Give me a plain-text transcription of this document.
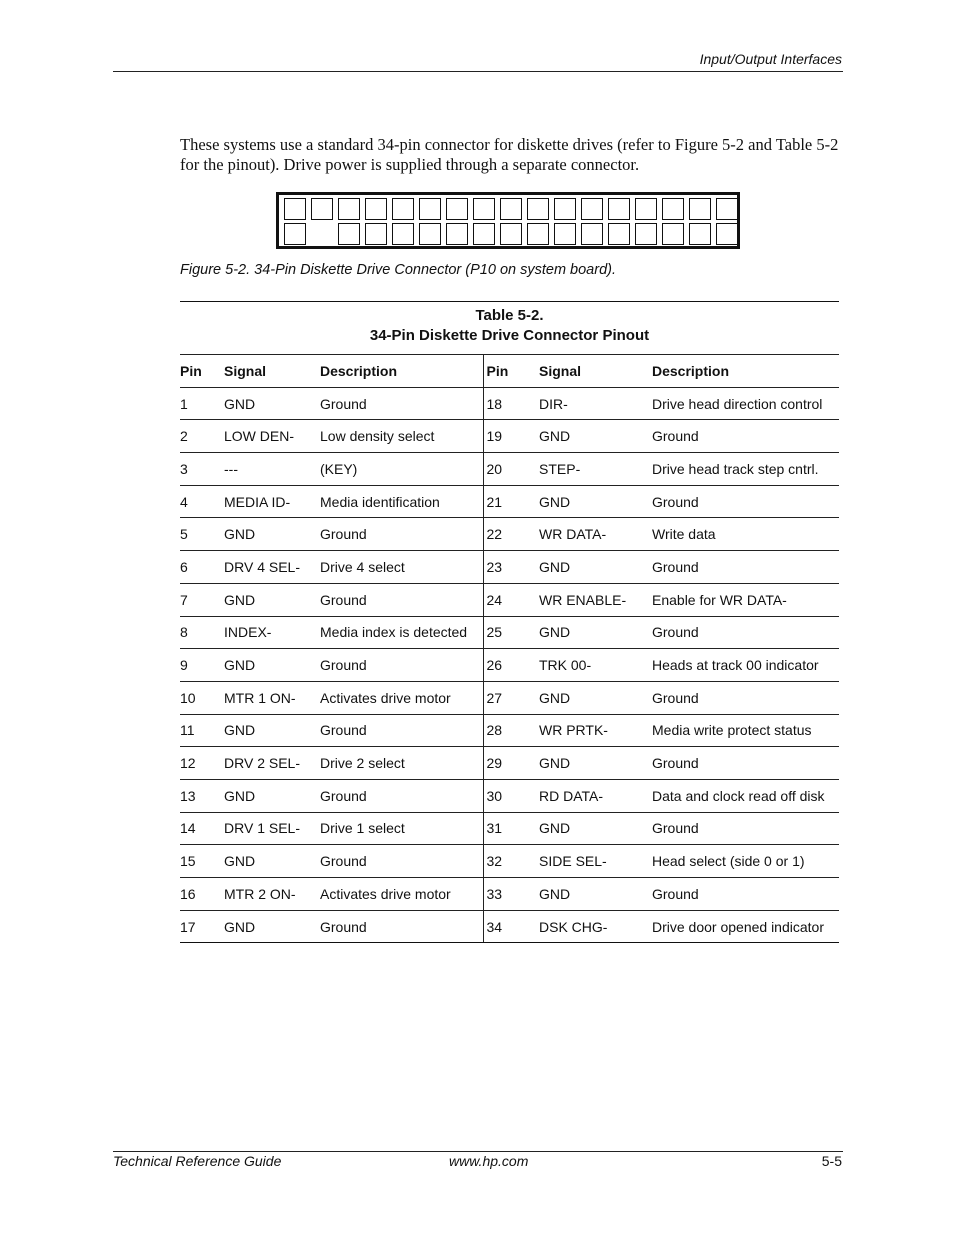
Input/Output Interfaces

These systems use a standard 34-pin connector for diskette drives (refer to Figure 5-2 and Table 5-2 for the pinout). Drive power is supplied through a separate connector.

Figure 5-2. 34-Pin Diskette Drive Connector (P10 on system board).
Table 5-2.
34-Pin Diskette Drive Connector Pinout
Pin	Signal	Description	Pin	Signal	Description
1	GND	Ground	18	DIR-	Drive head direction control
2	LOW DEN-	Low density select	19	GND	Ground
3	---	(KEY)	20	STEP-	Drive head track step cntrl.
4	MEDIA ID-	Media identification	21	GND	Ground
5	GND	Ground	22	WR DATA-	Write data
6	DRV 4 SEL-	Drive 4 select	23	GND	Ground
7	GND	Ground	24	WR ENABLE-	Enable for WR DATA-
8	INDEX-	Media index is detected	25	GND	Ground
9	GND	Ground	26	TRK 00-	Heads at track 00 indicator
10	MTR 1 ON-	Activates drive motor	27	GND	Ground
11	GND	Ground	28	WR PRTK-	Media write protect status
12	DRV 2 SEL-	Drive 2 select	29	GND	Ground
13	GND	Ground	30	RD DATA-	Data and clock read off disk
14	DRV 1 SEL-	Drive 1 select	31	GND	Ground
15	GND	Ground	32	SIDE SEL-	Head select (side 0 or 1)
16	MTR 2 ON-	Activates drive motor	33	GND	Ground
17	GND	Ground	34	DSK CHG-	Drive door opened indicator
Technical Reference Guide	www.hp.com	5-5
